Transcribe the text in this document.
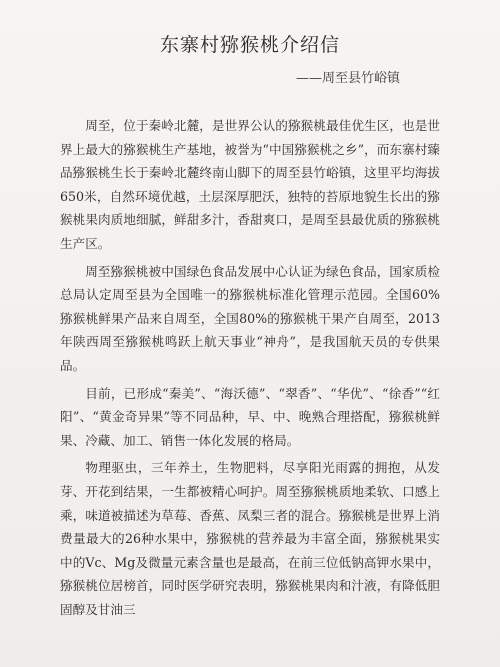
东寨村猕猴桃介绍信
——周至县竹峪镇

周至，位于秦岭北麓，是世界公认的猕猴桃最佳优生区，也是世界上最大的猕猴桃生产基地，被誉为“中国猕猴桃之乡”，而东寨村臻品猕猴桃生长于秦岭北麓终南山脚下的周至县竹峪镇，这里平均海拔650米，自然环境优越，土层深厚肥沃，独特的苔原地貌生长出的猕猴桃果肉质地细腻，鲜甜多汁，香甜爽口，是周至县最优质的猕猴桃生产区。

周至猕猴桃被中国绿色食品发展中心认证为绿色食品，国家质检总局认定周至县为全国唯一的猕猴桃标准化管理示范园。全国60%猕猴桃鲜果产品来自周至，全国80%的猕猴桃干果产自周至，2013年陕西周至猕猴桃鸣跃上航天事业“神舟”，是我国航天员的专供果品。

目前，已形成“秦美”、“海沃德”、“翠香”、“华优”、“徐香”“红阳”、“黄金奇异果”等不同品种，早、中、晚熟合理搭配，猕猴桃鲜果、冷藏、加工、销售一体化发展的格局。

物理驱虫，三年养土，生物肥料，尽享阳光雨露的拥抱，从发芽、开花到结果，一生都被精心呵护。周至猕猴桃质地柔软、口感上乘，味道被描述为草莓、香蕉、凤梨三者的混合。猕猴桃是世界上消费量最大的26种水果中，猕猴桃的营养最为丰富全面，猕猴桃果实中的Vc、Mg及微量元素含量也是最高，在前三位低钠高钾水果中，猕猴桃位居榜首，同时医学研究表明，猕猴桃果肉和汁液，有降低胆固醇及甘油三
